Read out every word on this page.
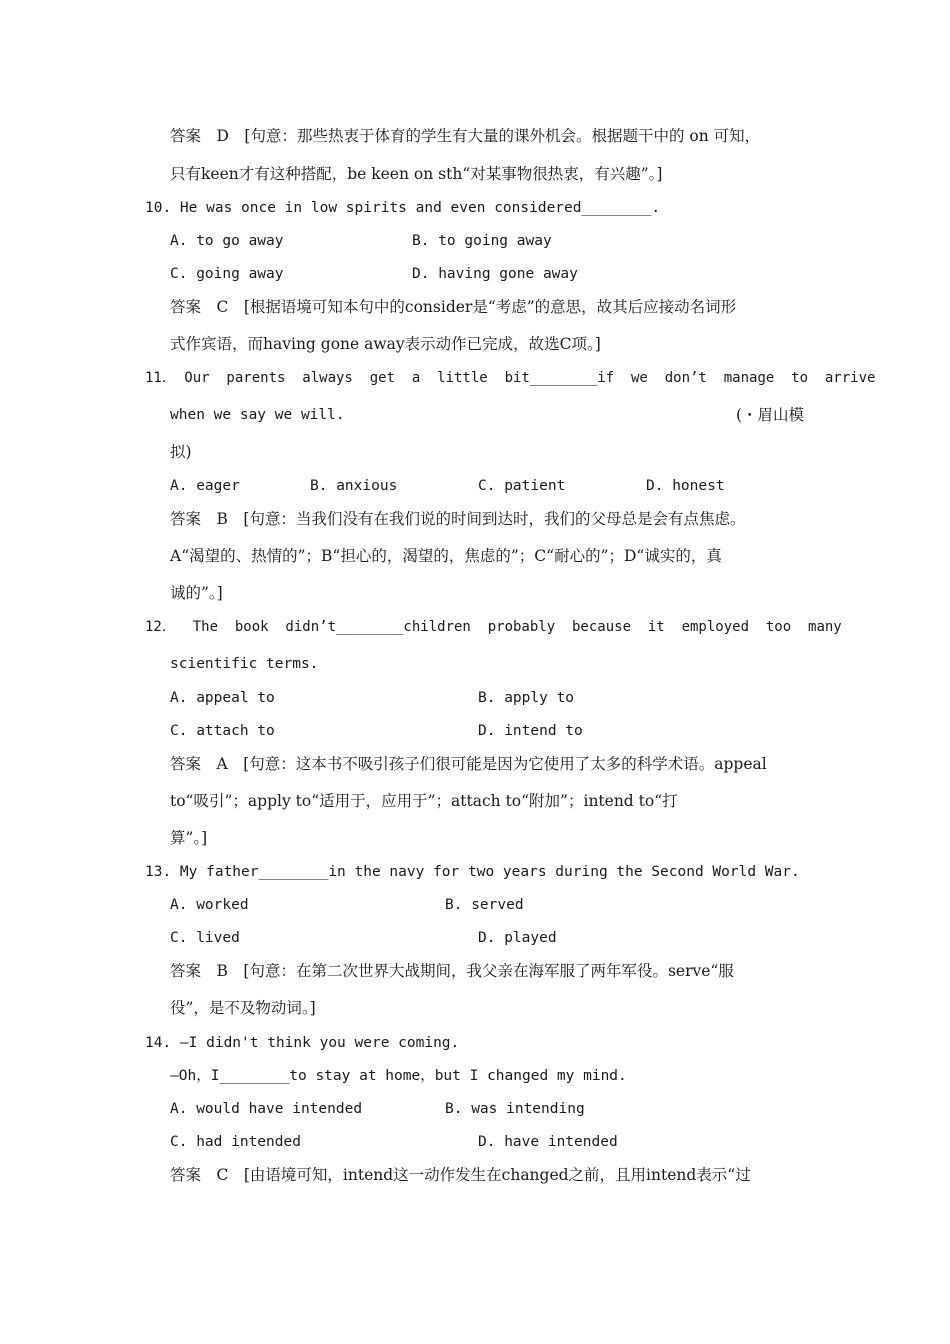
答案　D　[句意：那些热衷于体育的学生有大量的课外机会。根据题干中的 on 可知，
只有keen才有这种搭配，be keen on sth“对某事物很热衷，有兴趣”。]
10. He was once in low spirits and even considered________.
A. to go away	B. to going away
C. going away	D. having gone away
答案　C　[根据语境可知本句中的consider是“考虑”的意思，故其后应接动名词形
式作宾语，而having gone away表示动作已完成，故选C项。]
11． Our  parents  always  get  a  little  bit________if  we  don’t  manage  to  arrive
when we say we will.	(・眉山模
拟)
A. eager	B. anxious	C. patient	D. honest
答案　B　[句意：当我们没有在我们说的时间到达时，我们的父母总是会有点焦虑。
A“渴望的、热情的”；B“担心的，渴望的，焦虑的”；C“耐心的”；D“诚实的，真
诚的”。]
12．  The  book  didn’t________children  probably  because  it  employed  too  many
scientific terms.
A. appeal to	B. apply to
C. attach to	D. intend to
答案　A　[句意：这本书不吸引孩子们很可能是因为它使用了太多的科学术语。appeal
to“吸引”；apply to“适用于，应用于”；attach to“附加”；intend to“打
算”。]
13. My father________in the navy for two years during the Second World War.
A. worked	B. served
C. lived	D. played
答案　B　[句意：在第二次世界大战期间，我父亲在海军服了两年军役。serve“服
役”，是不及物动词。]
14. —I didn't think you were coming.
—Oh，I________to stay at home，but I changed my mind.
A. would have intended	B. was intending
C. had intended	D. have intended
答案　C　[由语境可知，intend这一动作发生在changed之前，且用intend表示“过
